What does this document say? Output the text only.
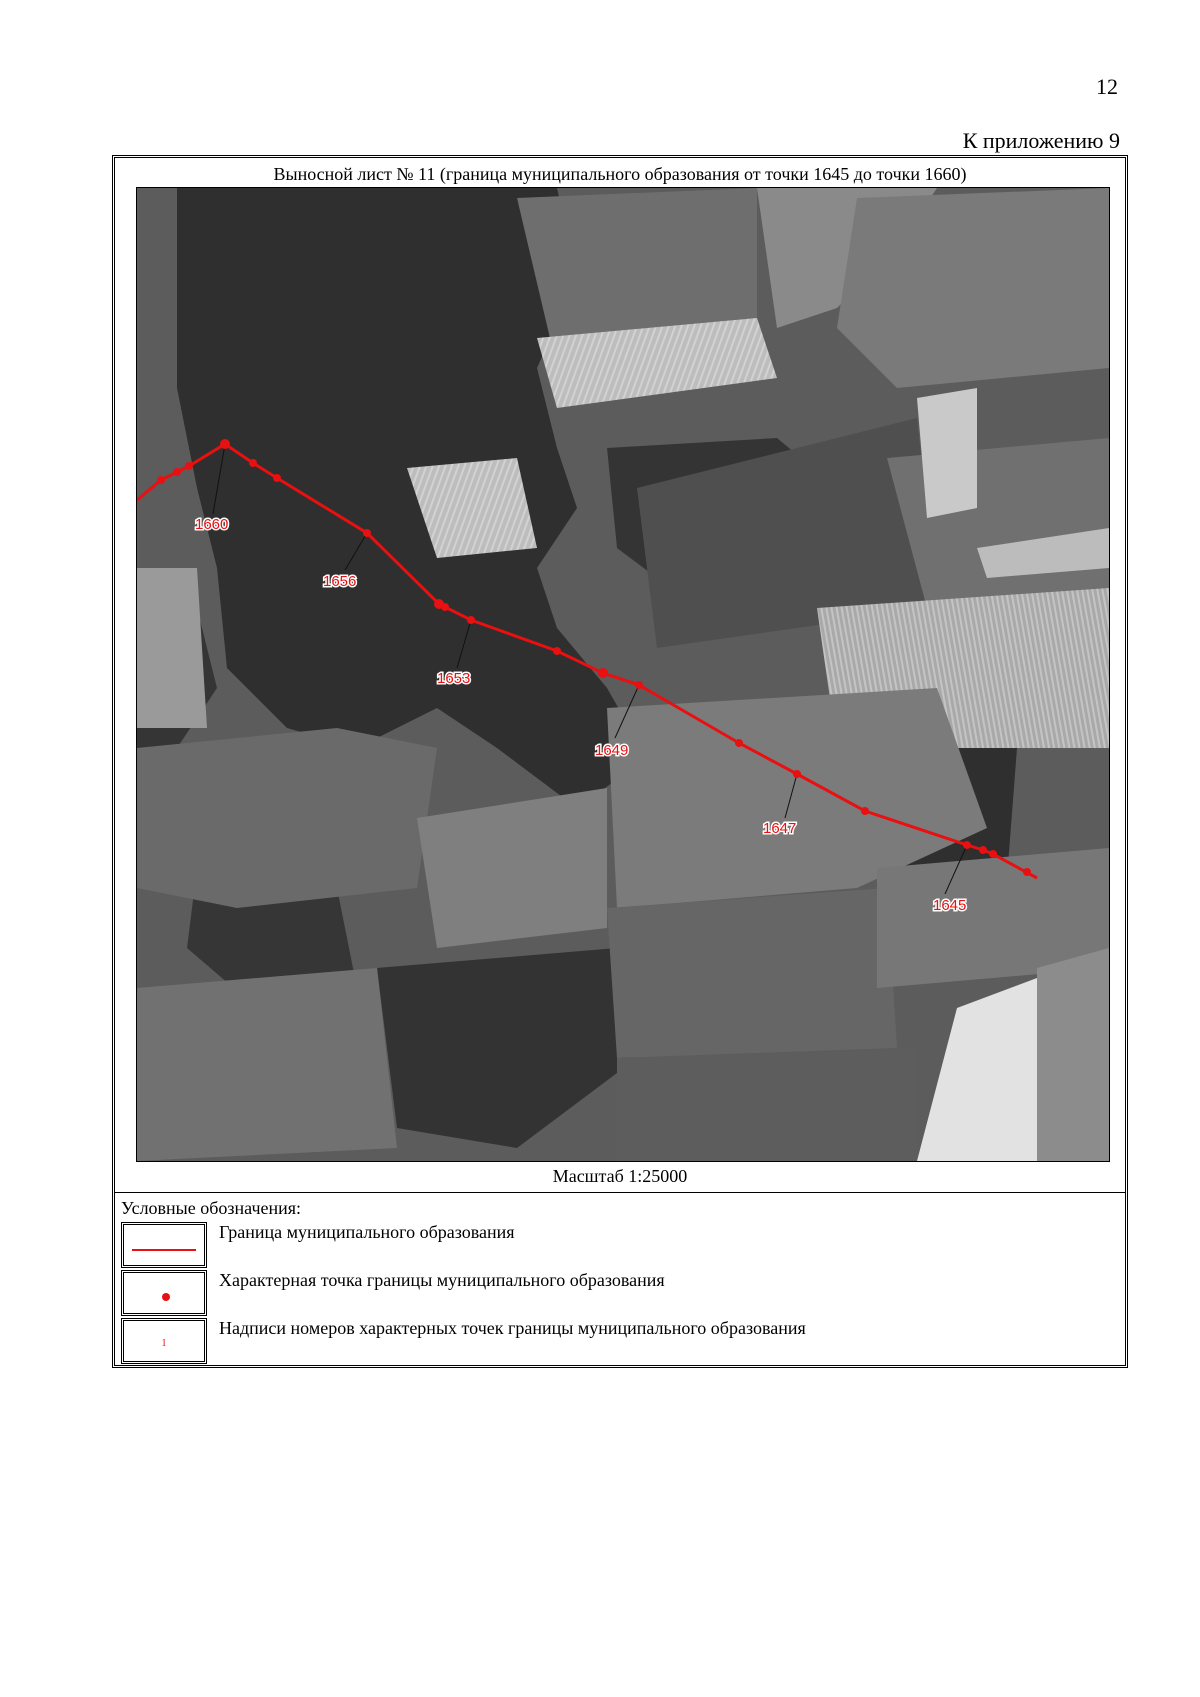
12
К приложению 9
Выносной лист № 11 (граница муниципального образования от точки 1645 до точки 1660)
1660
1656
1653
1649
1647
1645
Масштаб 1:25000
Условные обозначения:
Граница муниципального образования
Характерная точка границы муниципального образования
1
Надписи номеров характерных точек границы муниципального образования
